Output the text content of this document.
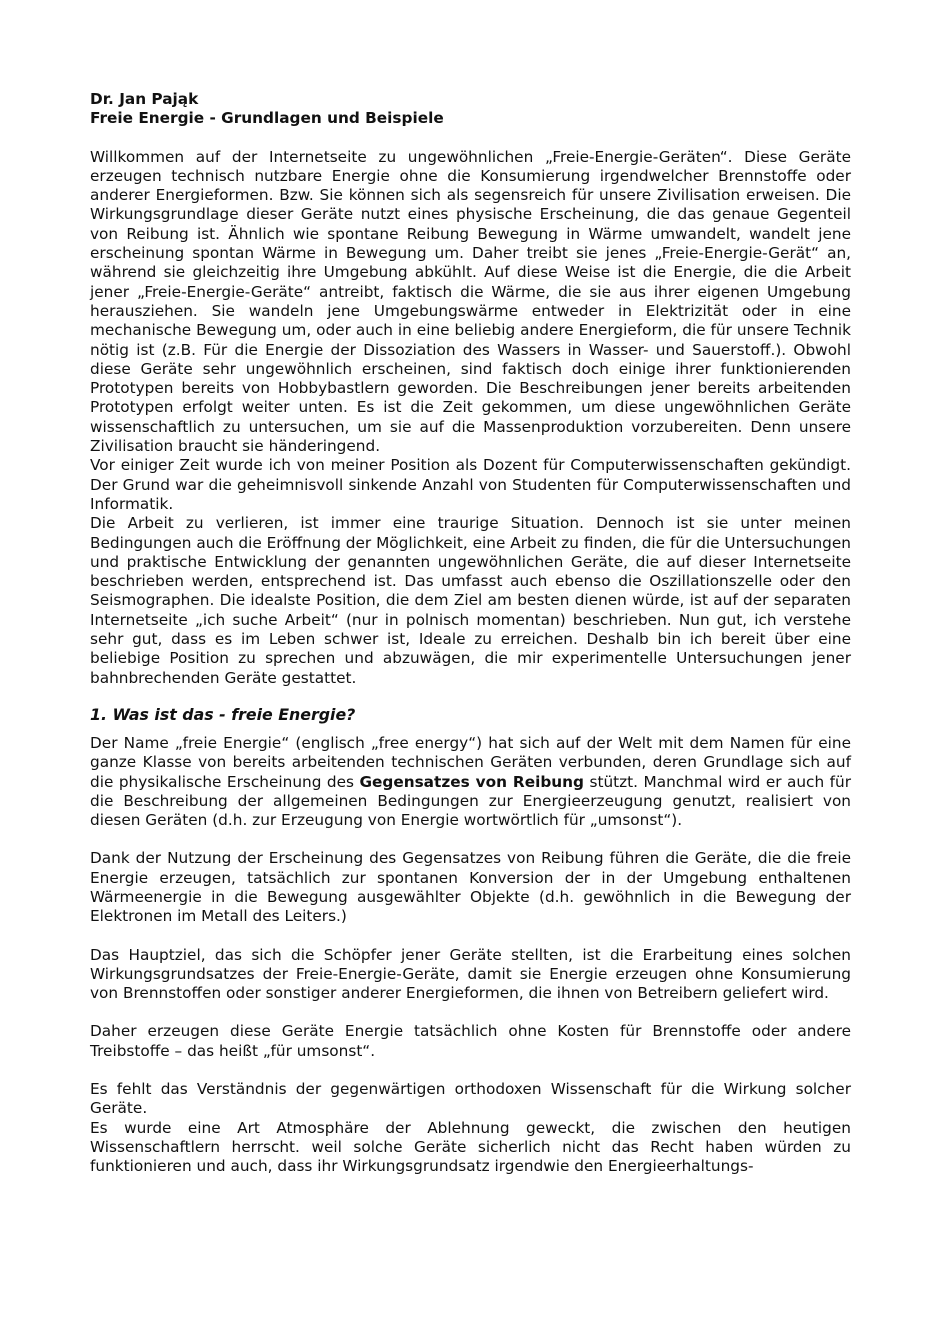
Dr. Jan Pająk
Freie Energie - Grundlagen und Beispiele

Willkommen auf der Internetseite zu ungewöhnlichen „Freie-Energie-Geräten“. Diese Geräte erzeugen technisch nutzbare Energie ohne die Konsumierung irgendwelcher Brennstoffe oder anderer Energieformen. Bzw. Sie können sich als segensreich für unsere Zivilisation erweisen. Die Wirkungsgrundlage dieser Geräte nutzt eines physische Erscheinung, die das genaue Gegenteil von Reibung ist. Ähnlich wie spontane Reibung Bewegung in Wärme umwandelt, wandelt jene erscheinung spontan Wärme in Bewegung um. Daher treibt sie jenes „Freie-Energie-Gerät“ an, während sie gleichzeitig ihre Umgebung abkühlt. Auf diese Weise ist die Energie, die die Arbeit jener „Freie-Energie-Geräte“ antreibt, faktisch die Wärme, die sie aus ihrer eigenen Umgebung herausziehen. Sie wandeln jene Umgebungswärme entweder in Elektrizität oder in eine mechanische Bewegung um, oder auch in eine beliebig andere Energieform, die für unsere Technik nötig ist (z.B. Für die Energie der Dissoziation des Wassers in Wasser- und Sauerstoff.). Obwohl diese Geräte sehr ungewöhnlich erscheinen, sind faktisch doch einige ihrer funktionierenden Prototypen bereits von Hobbybastlern geworden. Die Beschreibungen jener bereits arbeitenden Prototypen erfolgt weiter unten. Es ist die Zeit gekommen, um diese ungewöhnlichen Geräte wissenschaftlich zu untersuchen, um sie auf die Massenproduktion vorzubereiten. Denn unsere Zivilisation braucht sie händeringend.

Vor einiger Zeit wurde ich von meiner Position als Dozent für Computerwissenschaften gekündigt. Der Grund war die geheimnisvoll sinkende Anzahl von Studenten für Computerwissenschaften und Informatik.

Die Arbeit zu verlieren, ist immer eine traurige Situation. Dennoch ist sie unter meinen Bedingungen auch die Eröffnung der Möglichkeit, eine Arbeit zu finden, die für die Untersuchungen und praktische Entwicklung der genannten ungewöhnlichen Geräte, die auf dieser Internetseite beschrieben werden, entsprechend ist. Das umfasst auch ebenso die Oszillationszelle oder den Seismographen. Die idealste Position, die dem Ziel am besten dienen würde, ist auf der separaten Internetseite „ich suche Arbeit“ (nur in polnisch momentan) beschrieben. Nun gut, ich verstehe sehr gut, dass es im Leben schwer ist, Ideale zu erreichen. Deshalb bin ich bereit über eine beliebige Position zu sprechen und abzuwägen, die mir experimentelle Untersuchungen jener bahnbrechenden Geräte gestattet.

1. Was ist das - freie Energie?

Der Name „freie Energie“ (englisch „free energy“) hat sich auf der Welt mit dem Namen für eine ganze Klasse von bereits arbeitenden technischen Geräten verbunden, deren Grundlage sich auf die physikalische Erscheinung des Gegensatzes von Reibung stützt. Manchmal wird er auch für die Beschreibung der allgemeinen Bedingungen zur Energieerzeugung genutzt, realisiert von diesen Geräten (d.h. zur Erzeugung von Energie wortwörtlich für „umsonst“).

Dank der Nutzung der Erscheinung des Gegensatzes von Reibung führen die Geräte, die die freie Energie erzeugen, tatsächlich zur spontanen Konversion der in der Umgebung enthaltenen Wärmeenergie in die Bewegung ausgewählter Objekte (d.h. gewöhnlich in die Bewegung der Elektronen im Metall des Leiters.)

Das Hauptziel, das sich die Schöpfer jener Geräte stellten, ist die Erarbeitung eines solchen Wirkungsgrundsatzes der Freie-Energie-Geräte, damit sie Energie erzeugen ohne Konsumierung von Brennstoffen oder sonstiger anderer Energieformen, die ihnen von Betreibern geliefert wird.

Daher erzeugen diese Geräte Energie tatsächlich ohne Kosten für Brennstoffe oder andere Treibstoffe – das heißt „für umsonst“.

Es fehlt das Verständnis der gegenwärtigen orthodoxen Wissenschaft für die Wirkung solcher Geräte.

Es wurde eine Art Atmosphäre der Ablehnung geweckt, die zwischen den heutigen Wissenschaftlern herrscht. weil solche Geräte sicherlich nicht das Recht haben würden zu funktionieren und auch, dass ihr Wirkungsgrundsatz irgendwie den Energieerhaltungs-
